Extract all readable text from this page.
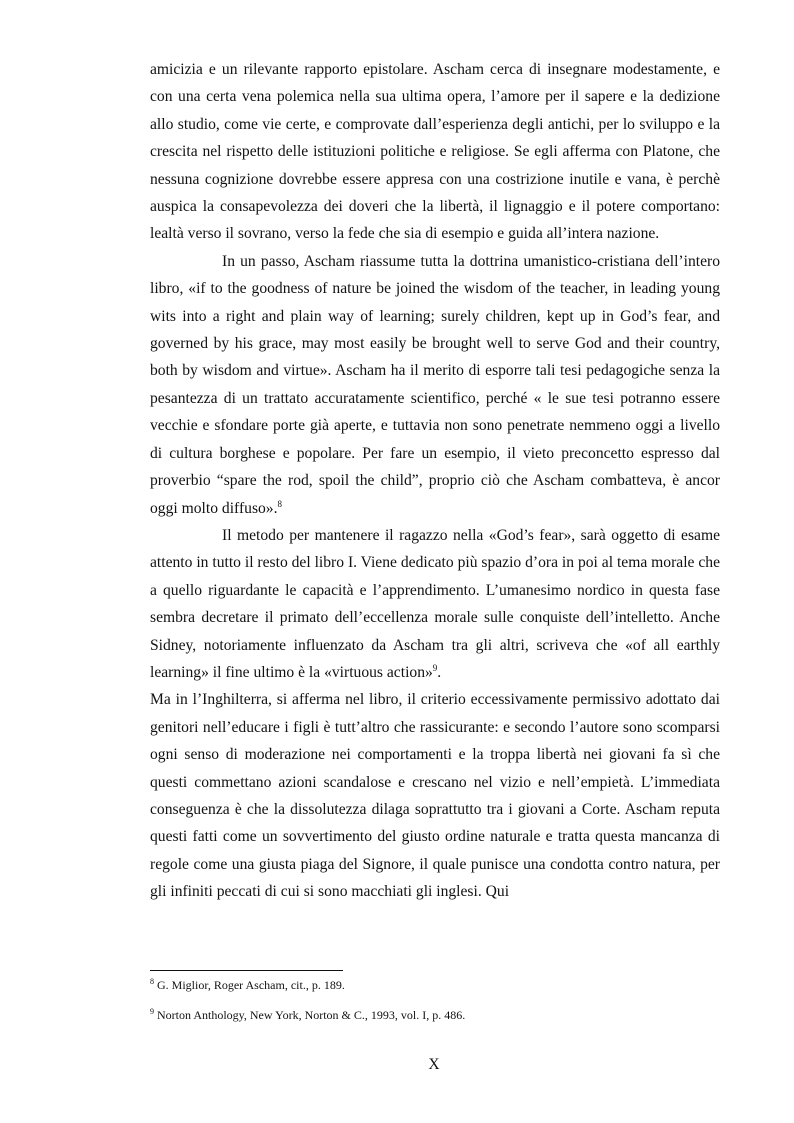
amicizia e un rilevante rapporto epistolare. Ascham cerca di insegnare modestamente, e con una certa vena polemica nella sua ultima opera, l’amore per il sapere e la dedizione allo studio, come vie certe, e comprovate dall’esperienza degli antichi, per lo sviluppo e la crescita nel rispetto delle istituzioni politiche e religiose. Se egli afferma con Platone, che nessuna cognizione dovrebbe essere appresa con una costrizione inutile e vana, è perchè auspica la consapevolezza dei doveri che la libertà, il lignaggio e il potere comportano: lealtà verso il sovrano, verso la fede che sia di esempio e guida all’intera nazione.

In un passo, Ascham riassume tutta la dottrina umanistico-cristiana dell’intero libro, «if to the goodness of nature be joined the wisdom of the teacher, in leading young wits into a right and plain way of learning; surely children, kept up in God’s fear, and governed by his grace, may most easily be brought well to serve God and their country, both by wisdom and virtue». Ascham ha il merito di esporre tali tesi pedagogiche senza la pesantezza di un trattato accuratamente scientifico, perché « le sue tesi potranno essere vecchie e sfondare porte già aperte, e tuttavia non sono penetrate nemmeno oggi a livello di cultura borghese e popolare. Per fare un esempio, il vieto preconcetto espresso dal proverbio “spare the rod, spoil the child”, proprio ciò che Ascham combatteva, è ancor oggi molto diffuso».$^8$

Il metodo per mantenere il ragazzo nella «God’s fear», sarà oggetto di esame attento in tutto il resto del libro I. Viene dedicato più spazio d’ora in poi al tema morale che a quello riguardante le capacità e l’apprendimento. L’umanesimo nordico in questa fase sembra decretare il primato dell’eccellenza morale sulle conquiste dell’intelletto. Anche Sidney, notoriamente influenzato da Ascham tra gli altri, scriveva che «of all earthly learning» il fine ultimo è la «virtuous action»$^9$.

Ma in l’Inghilterra, si afferma nel libro, il criterio eccessivamente permissivo adottato dai genitori nell’educare i figli è tutt’altro che rassicurante: e secondo l’autore sono scomparsi ogni senso di moderazione nei comportamenti e la troppa libertà nei giovani fa sì che questi commettano azioni scandalose e crescano nel vizio e nell’empietà. L’immediata conseguenza è che la dissolutezza dilaga soprattutto tra i giovani a Corte. Ascham reputa questi fatti come un sovvertimento del giusto ordine naturale e tratta questa mancanza di regole come una giusta piaga del Signore, il quale punisce una condotta contro natura, per gli infiniti peccati di cui si sono macchiati gli inglesi. Qui

$^8$ G. Miglior, Roger Ascham, cit., p. 189.

$^9$ Norton Anthology, New York, Norton & C., 1993, vol. I, p. 486.

X
